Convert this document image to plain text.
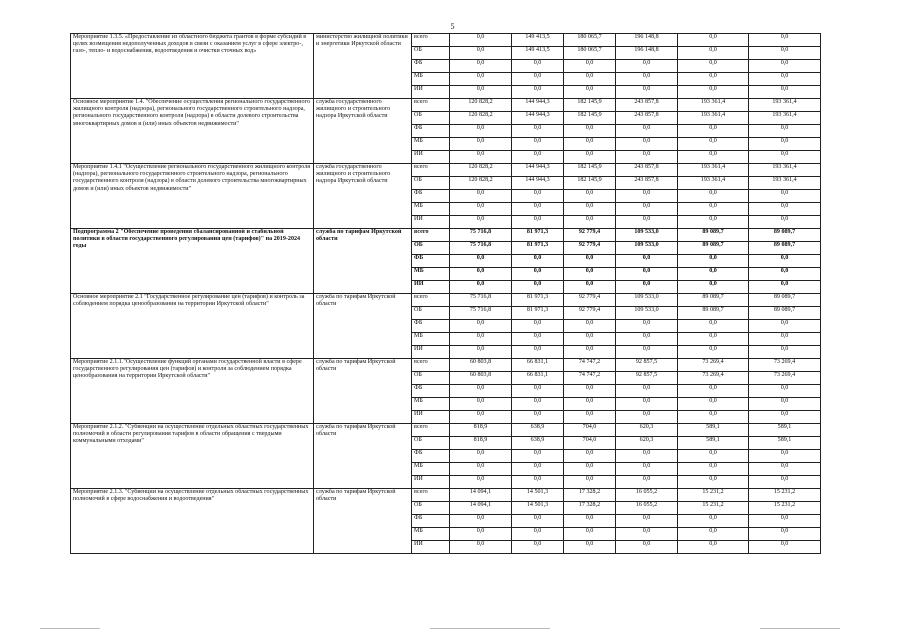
5
Мероприятие 1.3.5. «Предоставление из областного бюджета грантов в форме субсидий в целях возмещения недополученных доходов в связи с оказанием услуг в сфере электро-, газо-, тепло- и водоснабжения, водоотведения и очистки сточных вод»	министерство жилищной политики и энергетики Иркутской области	всего	0,0	149 413,5	180 065,7	196 148,8	0,0	0,0
		ОБ	0,0	149 413,5	180 065,7	196 148,8	0,0	0,0
		ФБ	0,0	0,0	0,0	0,0	0,0	0,0
		МБ	0,0	0,0	0,0	0,0	0,0	0,0
		ИИ	0,0	0,0	0,0	0,0	0,0	0,0
Основное мероприятие 1.4. "Обеспечение осуществления регионального государственного жилищного контроля (надзора), регионального государственного строительного надзора, регионального государственного контроля (надзора) в области долевого строительства многоквартирных домов и (или) иных объектов недвижимости"	служба государственного жилищного и строительного надзора Иркутской области	всего	120 828,2	144 944,3	182 145,9	243 857,8	193 361,4	193 361,4
		ОБ	120 828,2	144 944,3	182 145,9	243 857,8	193 361,4	193 361,4
		ФБ	0,0	0,0	0,0	0,0	0,0	0,0
		МБ	0,0	0,0	0,0	0,0	0,0	0,0
		ИИ	0,0	0,0	0,0	0,0	0,0	0,0
Мероприятие 1.4.1 "Осуществление регионального государственного жилищного контроля (надзора), регионального государственного строительного надзора, регионального государственного контроля (надзора) в области долевого строительства многоквартирных домов и (или) иных объектов недвижимости"	служба государственного жилищного и строительного надзора Иркутской области	всего	120 828,2	144 944,3	182 145,9	243 857,8	193 361,4	193 361,4
		ОБ	120 828,2	144 944,3	182 145,9	243 857,8	193 361,4	193 361,4
		ФБ	0,0	0,0	0,0	0,0	0,0	0,0
		МБ	0,0	0,0	0,0	0,0	0,0	0,0
		ИИ	0,0	0,0	0,0	0,0	0,0	0,0
Подпрограмма 2 "Обеспечение проведения сбалансированной и стабильной политики в области государственного регулирования цен (тарифов)" на 2019-2024 годы	служба по тарифам Иркутской области	всего	75 716,8	81 971,3	92 779,4	109 533,0	89 089,7	89 089,7
		ОБ	75 716,8	81 971,3	92 779,4	109 533,0	89 089,7	89 089,7
		ФБ	0,0	0,0	0,0	0,0	0,0	0,0
		МБ	0,0	0,0	0,0	0,0	0,0	0,0
		ИИ	0,0	0,0	0,0	0,0	0,0	0,0
Основное мероприятие 2.1 "Государственное регулирование цен (тарифов) и контроль за соблюдением порядка ценообразования на территории Иркутской области"	служба по тарифам Иркутской области	всего	75 716,8	81 971,3	92 779,4	109 533,0	89 089,7	89 089,7
		ОБ	75 716,8	81 971,3	92 779,4	109 533,0	89 089,7	89 089,7
		ФБ	0,0	0,0	0,0	0,0	0,0	0,0
		МБ	0,0	0,0	0,0	0,0	0,0	0,0
		ИИ	0,0	0,0	0,0	0,0	0,0	0,0
Мероприятие 2.1.1."Осуществление функций органами государственной власти в сфере государственного регулирования цен (тарифов) и контроля за соблюдением порядка ценообразования на территории Иркутской области"	служба по тарифам Иркутской области	всего	60 803,8	66 831,1	74 747,2	92 857,5	73 269,4	73 269,4
		ОБ	60 803,8	66 831,1	74 747,2	92 857,5	73 269,4	73 269,4
		ФБ	0,0	0,0	0,0	0,0	0,0	0,0
		МБ	0,0	0,0	0,0	0,0	0,0	0,0
		ИИ	0,0	0,0	0,0	0,0	0,0	0,0
Мероприятие 2.1.2. "Субвенции на осуществление отдельных областных государственных полномочий в области регулирования тарифов в области обращения с твердыми коммунальными отходами"	служба по тарифам Иркутской области	всего	818,9	638,9	704,0	620,3	589,1	589,1
		ОБ	818,9	638,9	704,0	620,3	589,1	589,1
		ФБ	0,0	0,0	0,0	0,0	0,0	0,0
		МБ	0,0	0,0	0,0	0,0	0,0	0,0
		ИИ	0,0	0,0	0,0	0,0	0,0	0,0
Мероприятие 2.1.3. "Субвенции на осуществление отдельных областных государственных полномочий в сфере водоснабжения и водоотведения"	служба по тарифам Иркутской области	всего	14 094,1	14 501,3	17 328,2	16 055,2	15 231,2	15 231,2
		ОБ	14 094,1	14 501,3	17 328,2	16 055,2	15 231,2	15 231,2
		ФБ	0,0	0,0	0,0	0,0	0,0	0,0
		МБ	0,0	0,0	0,0	0,0	0,0	0,0
		ИИ	0,0	0,0	0,0	0,0	0,0	0,0
